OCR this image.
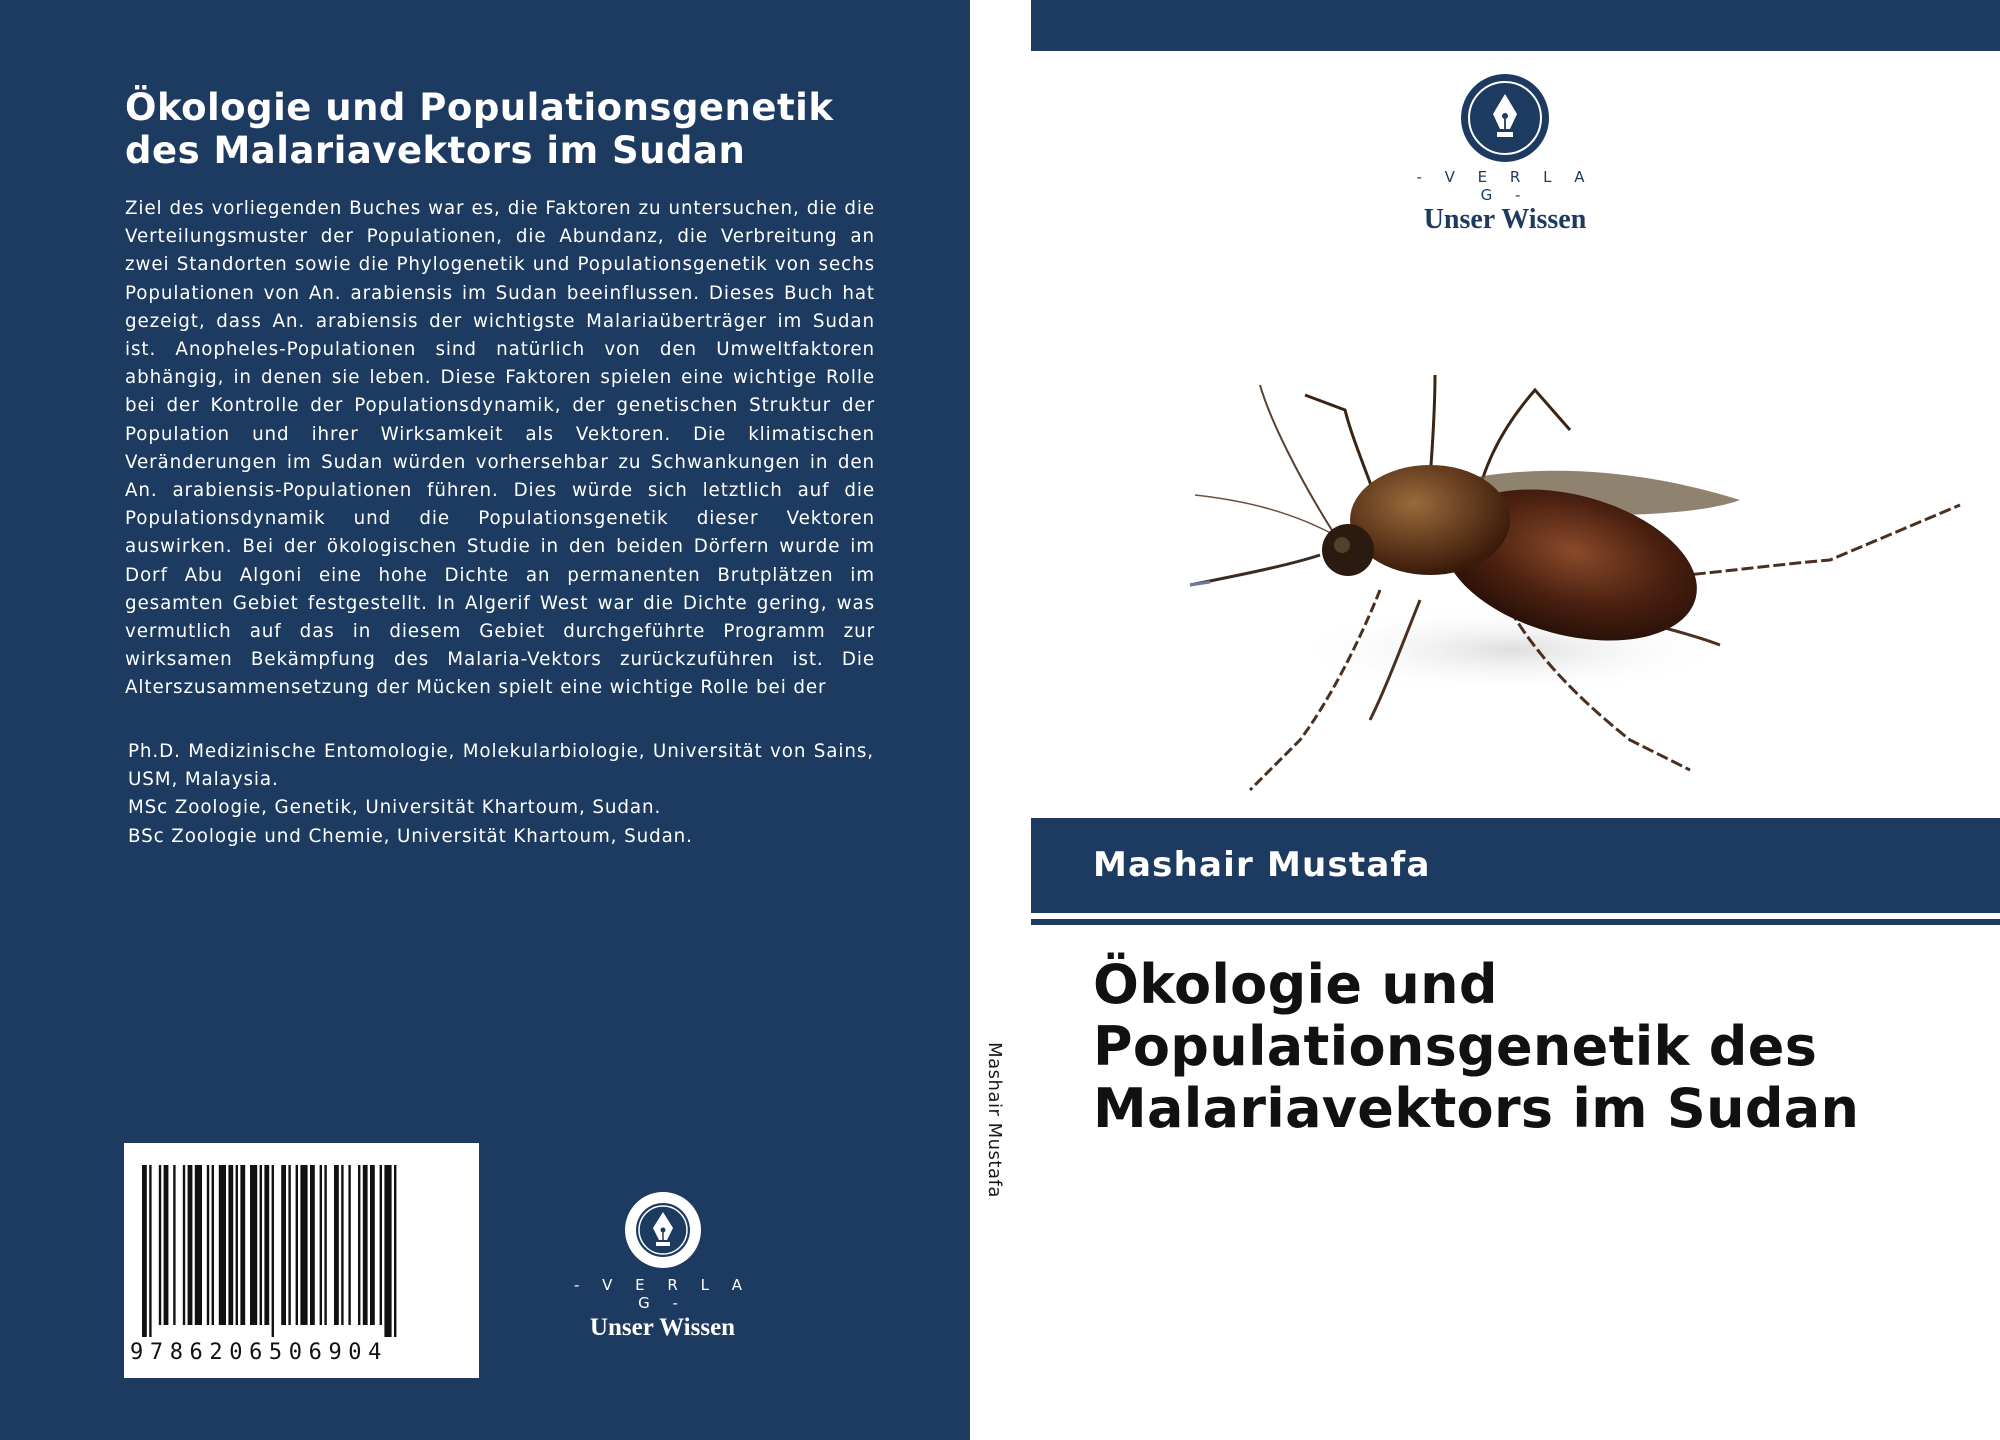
Ökologie und Populationsgenetik des Malariavektors im Sudan

Ziel des vorliegenden Buches war es, die Faktoren zu untersuchen, die die Verteilungsmuster der Populationen, die Abundanz, die Verbreitung an zwei Standorten sowie die Phylogenetik und Populationsgenetik von sechs Populationen von An. arabiensis im Sudan beeinflussen. Dieses Buch hat gezeigt, dass An. arabiensis der wichtigste Malariaüberträger im Sudan ist. Anopheles-Populationen sind natürlich von den Umweltfaktoren abhängig, in denen sie leben. Diese Faktoren spielen eine wichtige Rolle bei der Kontrolle der Populationsdynamik, der genetischen Struktur der Population und ihrer Wirksamkeit als Vektoren. Die klimatischen Veränderungen im Sudan würden vorhersehbar zu Schwankungen in den An. arabiensis-Populationen führen. Dies würde sich letztlich auf die Populationsdynamik und die Populationsgenetik dieser Vektoren auswirken. Bei der ökologischen Studie in den beiden Dörfern wurde im Dorf Abu Algoni eine hohe Dichte an permanenten Brutplätzen im gesamten Gebiet festgestellt. In Algerif West war die Dichte gering, was vermutlich auf das in diesem Gebiet durchgeführte Programm zur wirksamen Bekämpfung des Malaria-Vektors zurückzuführen ist. Die Alterszusammensetzung der Mücken spielt eine wichtige Rolle bei der

Ph.D. Medizinische Entomologie, Molekularbiologie, Universität von Sains, USM, Malaysia.

MSc Zoologie, Genetik, Universität Khartoum, Sudan.

BSc Zoologie und Chemie, Universität Khartoum, Sudan.

9786206506904
- V E R L A G -
Unser Wissen
Mashair Mustafa
- V E R L A G -
Unser Wissen
Mashair Mustafa
Ökologie und Populationsgenetik des Malariavektors im Sudan
